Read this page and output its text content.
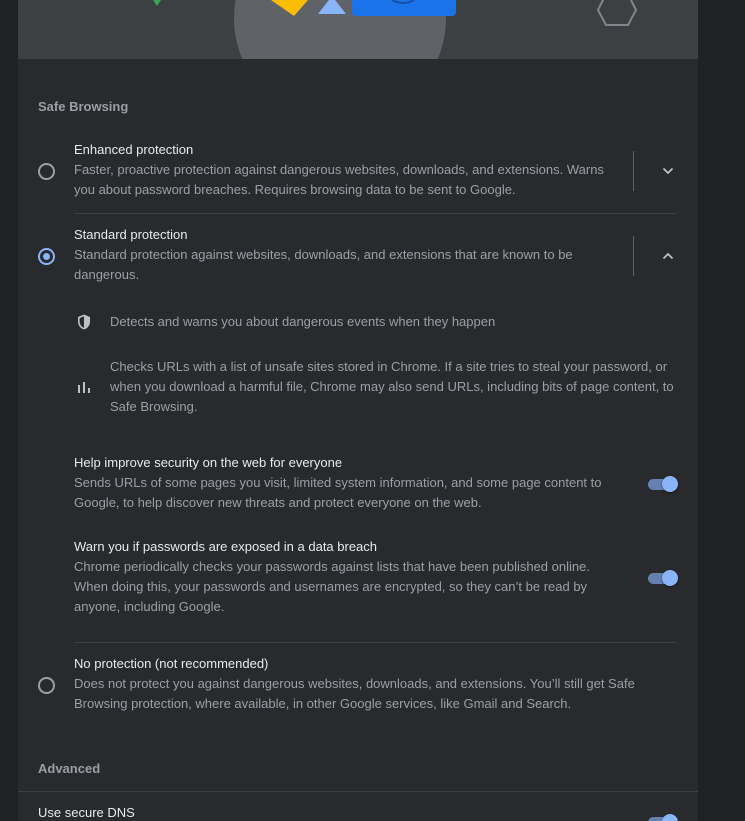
Safe Browsing
Enhanced protection
Faster, proactive protection against dangerous websites, downloads, and extensions. Warns
you about password breaches. Requires browsing data to be sent to Google.
Standard protection
Standard protection against websites, downloads, and extensions that are known to be
dangerous.
Detects and warns you about dangerous events when they happen
Checks URLs with a list of unsafe sites stored in Chrome. If a site tries to steal your password, or
when you download a harmful file, Chrome may also send URLs, including bits of page content, to
Safe Browsing.
Help improve security on the web for everyone
Sends URLs of some pages you visit, limited system information, and some page content to
Google, to help discover new threats and protect everyone on the web.
Warn you if passwords are exposed in a data breach
Chrome periodically checks your passwords against lists that have been published online.
When doing this, your passwords and usernames are encrypted, so they can’t be read by
anyone, including Google.
No protection (not recommended)
Does not protect you against dangerous websites, downloads, and extensions. You’ll still get Safe
Browsing protection, where available, in other Google services, like Gmail and Search.
Advanced
Use secure DNS
